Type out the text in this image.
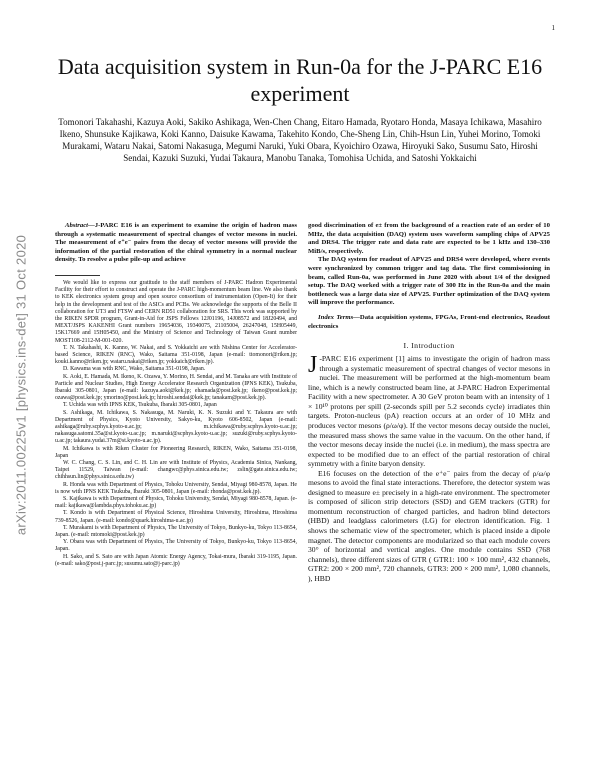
1
arXiv:2011.00225v1 [physics.ins-det] 31 Oct 2020
Data acquisition system in Run-0a for the J-PARC E16 experiment
Tomonori Takahashi, Kazuya Aoki, Sakiko Ashikaga, Wen-Chen Chang, Eitaro Hamada, Ryotaro Honda, Masaya Ichikawa, Masahiro Ikeno, Shunsuke Kajikawa, Koki Kanno, Daisuke Kawama, Takehito Kondo, Che-Sheng Lin, Chih-Hsun Lin, Yuhei Morino, Tomoki Murakami, Wataru Nakai, Satomi Nakasuga, Megumi Naruki, Yuki Obara, Kyoichiro Ozawa, Hiroyuki Sako, Susumu Sato, Hiroshi Sendai, Kazuki Suzuki, Yudai Takaura, Manobu Tanaka, Tomohisa Uchida, and Satoshi Yokkaichi

Abstract—J-PARC E16 is an experiment to examine the origin of hadron mass through a systematic measurement of spectral changes of vector mesons in nuclei. The measurement of e⁺e⁻ pairs from the decay of vector mesons will provide the information of the partial restoration of the chiral symmetry in a normal nuclear density. To resolve a pulse pile-up and achieve

We would like to express our gratitude to the staff members of J-PARC Hadron Experimental Facility for their effort to construct and operate the J-PARC high-momentum beam line. We also thank to KEK electronics system group and open source consortium of instrumentation (Open-It) for their help in the development and test of the ASICs and PCBs. We acknowledge the supports of the Belle II collaboration for UT3 and FTSW and CERN RD51 collaboration for SRS. This work was supported by the RIKEN SPDR program, Grant-in-Aid for JSPS Fellows 12J01196, 14J08572 and 18J20494, and MEXT/JSPS KAKENHI Grant numbers 19654036, 19340075, 21105004, 26247048, 15H05449, 15K17669 and 15H05450, and the Ministry of Science and Technology of Taiwan Grant number MOST108-2112-M-001-020.

T. N. Takahashi, K. Kanno, W. Nakai, and S. Yokkaichi are with Nishina Center for Accelerator-based Science, RIKEN (RNC), Wako, Saitama 351-0198, Japan (e-mail: ttomonori@riken.jp; kouki.kanno@riken.jp; wataru.nakai@riken.jp; yokkaich@riken.jp).

D. Kawama was with RNC, Wako, Saitama 351-0198, Japan.

K. Aoki, E. Hamada, M. Ikeno, K. Ozawa, Y. Morino, H. Sendai, and M. Tanaka are with Institute of Particle and Nuclear Studies, High Energy Accelerator Research Organization (IPNS KEK), Tsukuba, Ibaraki 305-0801, Japan (e-mail: kazuya.aoki@kek.jp; ehamada@post.kek.jp; ikeno@post.kek.jp; ozawa@post.kek.jp; ymorino@post.kek.jp; hiroshi.sendai@kek.jp; tanakam@post.kek.jp).

T. Uchida was with IPNS KEK, Tsukuba, Ibaraki 305-0801, Japan

S. Ashikaga, M. Ichikawa, S. Nakasuga, M. Naruki, K. N. Suzuki and Y. Takaura are with Department of Physics, Kyoto University, Sakyo-ku, Kyoto 606-8502, Japan (e-mail: ashikaga@ruby.scphys.kyoto-u.ac.jp; m.ichikawa@ruby.scphys.kyoto-u.ac.jp; nakasuga.satomi.35a@st.kyoto-u.ac.jp; m.naruki@scphys.kyoto-u.ac.jp; suzuki@ruby.scphys.kyoto-u.ac.jp; takaura.yudai.37m@st.kyoto-u.ac.jp).

M. Ichikawa is with Riken Cluster for Pioneering Research, RIKEN, Wako, Saitama 351-0198, Japan

W. C. Chang, C. S. Lin, and C. H. Lin are with Institute of Physics, Academia Sinica, Nankang, Taipei 11529, Taiwan (e-mail: changwc@phys.sinica.edu.tw; zslin@gate.sinica.edu.tw; chihhsun.lin@phys.sinica.edu.tw)

R. Honda was with Department of Physics, Tohoku University, Sendai, Miyagi 980-8578, Japan. He is now with IPNS KEK Tsukuba, Ibaraki 305-0801, Japan (e-mail: rhonda@post.kek.jp).

S. Kajikawa is with Department of Physics, Tohoku University, Sendai, Miyagi 980-8578, Japan. (e-mail: kajikawa@lambda.phys.tohoku.ac.jp)

T. Kondo is with Department of Physical Science, Hiroshima University, Hiroshima, Hiroshima 739-8526, Japan. (e-mail: kondo@quark.hiroshima-u.ac.jp)

T. Murakami is with Department of Physics, The University of Tokyo, Bunkyo-ku, Tokyo 113-8654, Japan. (e-mail: mtomoki@post.kek.jp)

Y. Obara was with Department of Physics, The University of Tokyo, Bunkyo-ku, Tokyo 113-8654, Japan.

H. Sako, and S. Sato are with Japan Atomic Energy Agency, Tokai-mura, Ibaraki 319-1195, Japan. (e-mail: sako@post.j-parc.jp; susumu.sato@j-parc.jp)

good discrimination of e± from the background of a reaction rate of an order of 10 MHz, the data acquisition (DAQ) system uses waveform sampling chips of APV25 and DRS4. The trigger rate and data rate are expected to be 1 kHz and 130–330 MiB/s, respectively.

The DAQ system for readout of APV25 and DRS4 were developed, where events were synchronized by common trigger and tag data. The first commissioning in beam, called Run-0a, was performed in June 2020 with about 1/4 of the designed setup. The DAQ worked with a trigger rate of 300 Hz in the Run-0a and the main bottleneck was a large data size of APV25. Further optimization of the DAQ system will improve the performance.

Index Terms—Data acquisition systems, FPGAs, Front-end electronics, Readout electronics

I. Introduction

J -PARC E16 experiment [1] aims to investigate the origin of hadron mass through a systematic measurement of spectral changes of vector mesons in nuclei. The measurement will be performed at the high-momentum beam line, which is a newly constructed beam line, at J-PARC Hadron Experimental Facility with a new spectrometer. A 30 GeV proton beam with an intensity of 1 × 10¹⁰ protons per spill (2-seconds spill per 5.2 seconds cycle) irradiates thin targets. Proton-nucleus (pA) reaction occurs at an order of 10 MHz and produces vector mesons (ρ/ω/φ). If the vector mesons decay outside the nuclei, the measured mass shows the same value in the vacuum. On the other hand, if the vector mesons decay inside the nuclei (i.e. in medium), the mass spectra are expected to be modified due to an effect of the partial restoration of chiral symmetry with a finite baryon density.

E16 focuses on the detection of the e⁺e⁻ pairs from the decay of ρ/ω/φ mesons to avoid the final state interactions. Therefore, the detector system was designed to measure e± precisely in a high-rate environment. The spectrometer is composed of silicon strip detectors (SSD) and GEM trackers (GTR) for momentum reconstruction of charged particles, and hadron blind detectors (HBD) and leadglass calorimeters (LG) for electron identification. Fig. 1 shows the schematic view of the spectrometer, which is placed inside a dipole magnet. The detector components are modularized so that each module covers 30° of horizontal and vertical angles. One module contains SSD (768 channels), three different sizes of GTR ( GTR1: 100 × 100 mm², 432 channels, GTR2: 200 × 200 mm², 720 channels, GTR3: 200 × 200 mm², 1,080 channels, ), HBD
